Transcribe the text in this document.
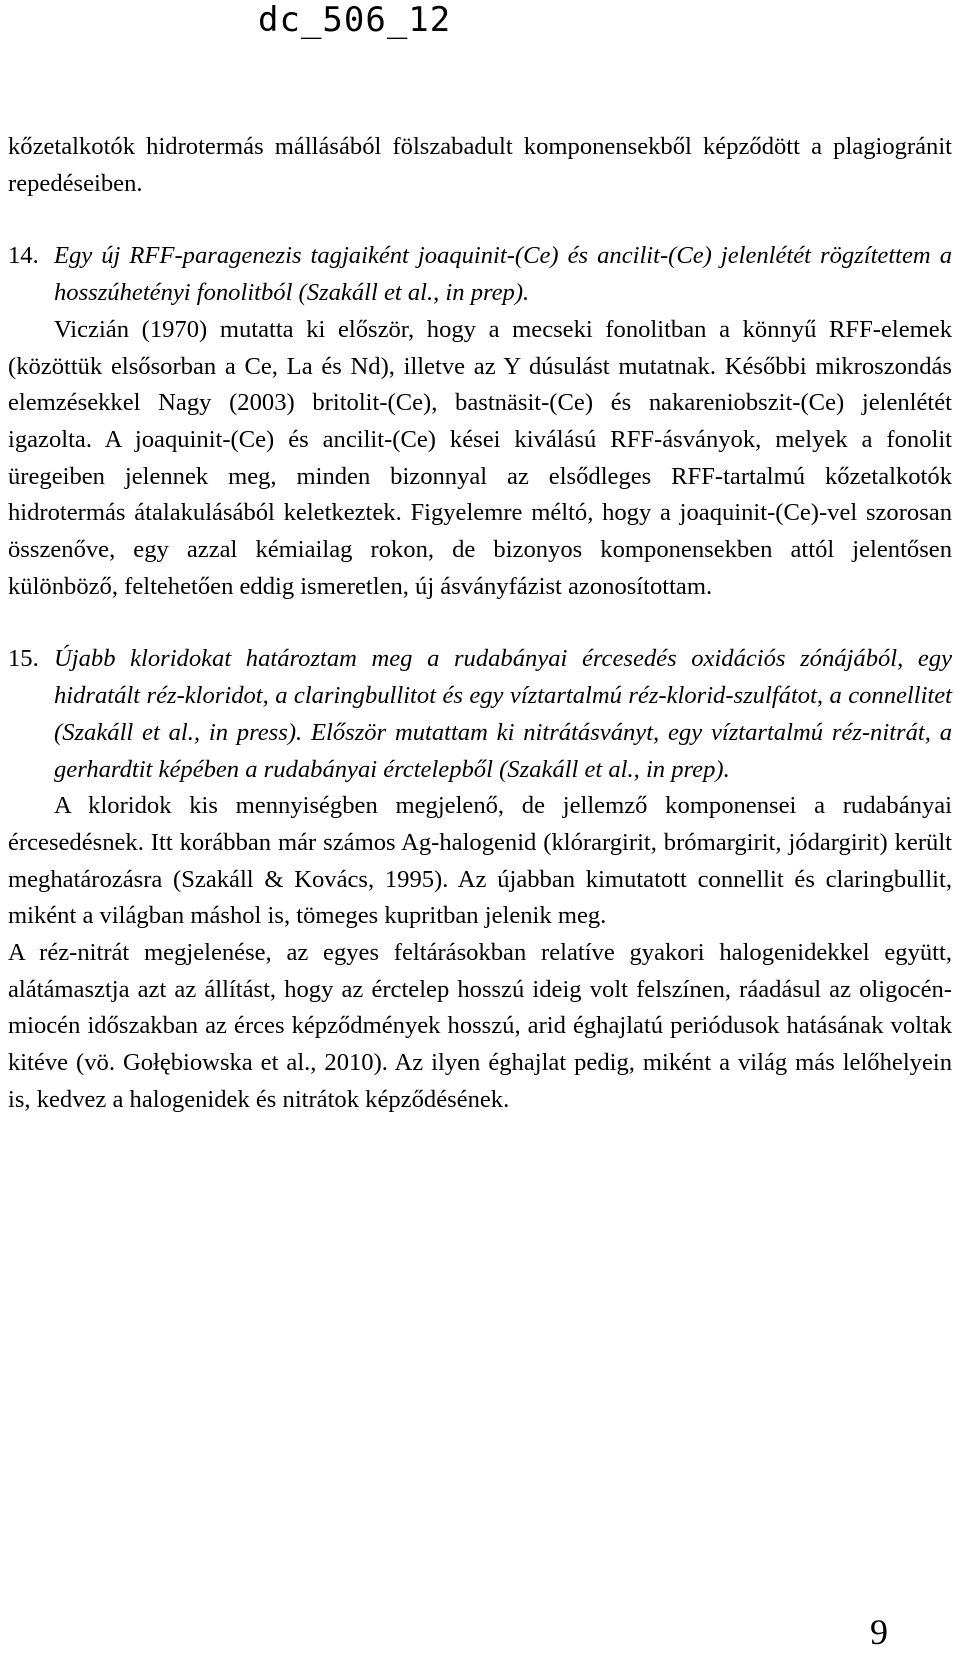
dc_506_12

kőzetalkotók hidrotermás mállásából fölszabadult komponensekből képződött a plagiogránit repedéseiben.

14. Egy új RFF-paragenezis tagjaiként joaquinit-(Ce) és ancilit-(Ce) jelenlétét rögzítettem a hosszúhetényi fonolitból (Szakáll et al., in prep).

Viczián (1970) mutatta ki először, hogy a mecseki fonolitban a könnyű RFF-elemek (közöttük elsősorban a Ce, La és Nd), illetve az Y dúsulást mutatnak. Későbbi mikroszondás elemzésekkel Nagy (2003) britolit-(Ce), bastnäsit-(Ce) és nakareniobszit-(Ce) jelenlétét igazolta. A joaquinit-(Ce) és ancilit-(Ce) kései kiválású RFF-ásványok, melyek a fonolit üregeiben jelennek meg, minden bizonnyal az elsődleges RFF-tartalmú kőzetalkotók hidrotermás átalakulásából keletkeztek. Figyelemre méltó, hogy a joaquinit-(Ce)-vel szorosan összenőve, egy azzal kémiailag rokon, de bizonyos komponensekben attól jelentősen különböző, feltehetően eddig ismeretlen, új ásványfázist azonosítottam.

15. Újabb kloridokat határoztam meg a rudabányai ércesedés oxidációs zónájából, egy hidratált réz-kloridot, a claringbullitot és egy víztartalmú réz-klorid-szulfátot, a connellitet (Szakáll et al., in press). Először mutattam ki nitrátásványt, egy víztartalmú réz-nitrát, a gerhardtit képében a rudabányai érctelepből (Szakáll et al., in prep).

A kloridok kis mennyiségben megjelenő, de jellemző komponensei a rudabányai ércesedésnek. Itt korábban már számos Ag-halogenid (klórargirit, brómargirit, jódargirit) került meghatározásra (Szakáll & Kovács, 1995). Az újabban kimutatott connellit és claringbullit, miként a világban máshol is, tömeges kupritban jelenik meg.

A réz-nitrát megjelenése, az egyes feltárásokban relatíve gyakori halogenidekkel együtt, alátámasztja azt az állítást, hogy az érctelep hosszú ideig volt felszínen, ráadásul az oligocén-miocén időszakban az érces képződmények hosszú, arid éghajlatú periódusok hatásának voltak kitéve (vö. Gołębiowska et al., 2010). Az ilyen éghajlat pedig, miként a világ más lelőhelyein is, kedvez a halogenidek és nitrátok képződésének.

9
